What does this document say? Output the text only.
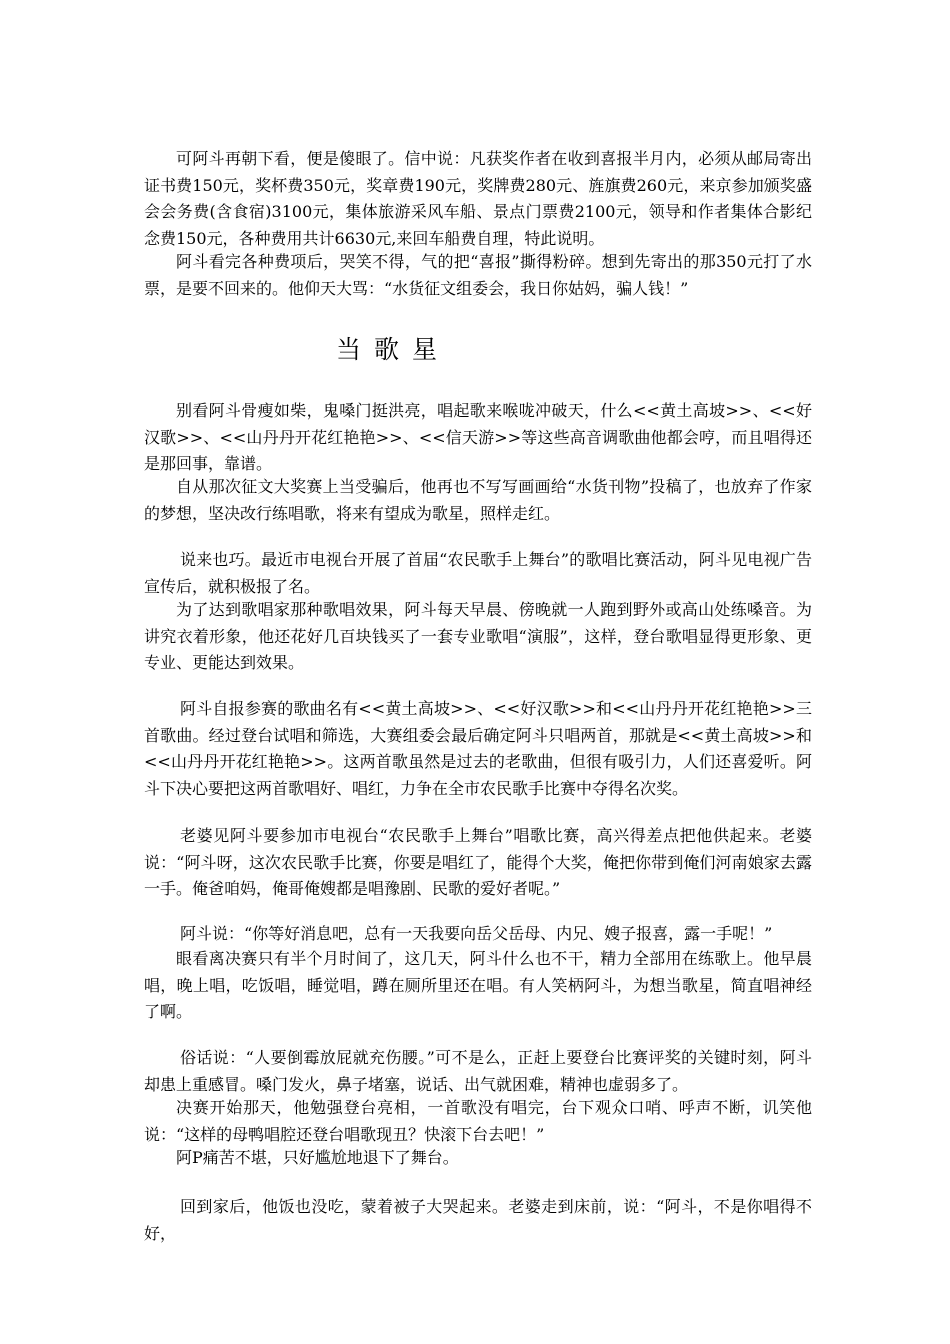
可阿斗再朝下看，便是傻眼了。信中说：凡获奖作者在收到喜报半月内，必须从邮局寄出证书费150元，奖杯费350元，奖章费190元，奖牌费280元、旌旗费260元，来京参加颁奖盛会会务费(含食宿)3100元，集体旅游采风车船、景点门票费2100元，领导和作者集体合影纪念费150元，各种费用共计6630元,来回车船费自理，特此说明。

阿斗看完各种费项后，哭笑不得，气的把“喜报”撕得粉碎。想到先寄出的那350元打了水票，是要不回来的。他仰天大骂：“水货征文组委会，我日你姑妈，骗人钱！”

当歌星

别看阿斗骨瘦如柴，鬼嗓门挺洪亮，唱起歌来喉咙冲破天，什么<<黄土高坡>>、<<好汉歌>>、<<山丹丹开花红艳艳>>、<<信天游>>等这些高音调歌曲他都会哼，而且唱得还是那回事，靠谱。

自从那次征文大奖赛上当受骗后，他再也不写写画画给“水货刊物”投稿了，也放弃了作家的梦想，坚决改行练唱歌，将来有望成为歌星，照样走红。

说来也巧。最近市电视台开展了首届“农民歌手上舞台”的歌唱比赛活动，阿斗见电视广告宣传后，就积极报了名。

为了达到歌唱家那种歌唱效果，阿斗每天早晨、傍晚就一人跑到野外或高山处练嗓音。为讲究衣着形象，他还花好几百块钱买了一套专业歌唱“演服”，这样，登台歌唱显得更形象、更专业、更能达到效果。

阿斗自报参赛的歌曲名有<<黄土高坡>>、<<好汉歌>>和<<山丹丹开花红艳艳>>三首歌曲。经过登台试唱和筛选，大赛组委会最后确定阿斗只唱两首，那就是<<黄土高坡>>和<<山丹丹开花红艳艳>>。这两首歌虽然是过去的老歌曲，但很有吸引力，人们还喜爱听。阿斗下决心要把这两首歌唱好、唱红，力争在全市农民歌手比赛中夺得名次奖。

老婆见阿斗要参加市电视台“农民歌手上舞台”唱歌比赛，高兴得差点把他供起来。老婆说：“阿斗呀，这次农民歌手比赛，你要是唱红了，能得个大奖，俺把你带到俺们河南娘家去露一手。俺爸咱妈，俺哥俺嫂都是唱豫剧、民歌的爱好者呢。”

阿斗说：“你等好消息吧，总有一天我要向岳父岳母、内兄、嫂子报喜，露一手呢！”

眼看离决赛只有半个月时间了，这几天，阿斗什么也不干，精力全部用在练歌上。他早晨唱，晚上唱，吃饭唱，睡觉唱，蹲在厕所里还在唱。有人笑柄阿斗，为想当歌星，简直唱神经了啊。

俗话说：“人要倒霉放屁就充伤腰。”可不是么，正赶上要登台比赛评奖的关键时刻，阿斗却患上重感冒。嗓门发火，鼻子堵塞，说话、出气就困难，精神也虚弱多了。

决赛开始那天，他勉强登台亮相，一首歌没有唱完，台下观众口哨、呼声不断，讥笑他说：“这样的母鸭唱腔还登台唱歌现丑？快滚下台去吧！”

阿P痛苦不堪，只好尴尬地退下了舞台。

回到家后，他饭也没吃，蒙着被子大哭起来。老婆走到床前，说：“阿斗，不是你唱得不好，
